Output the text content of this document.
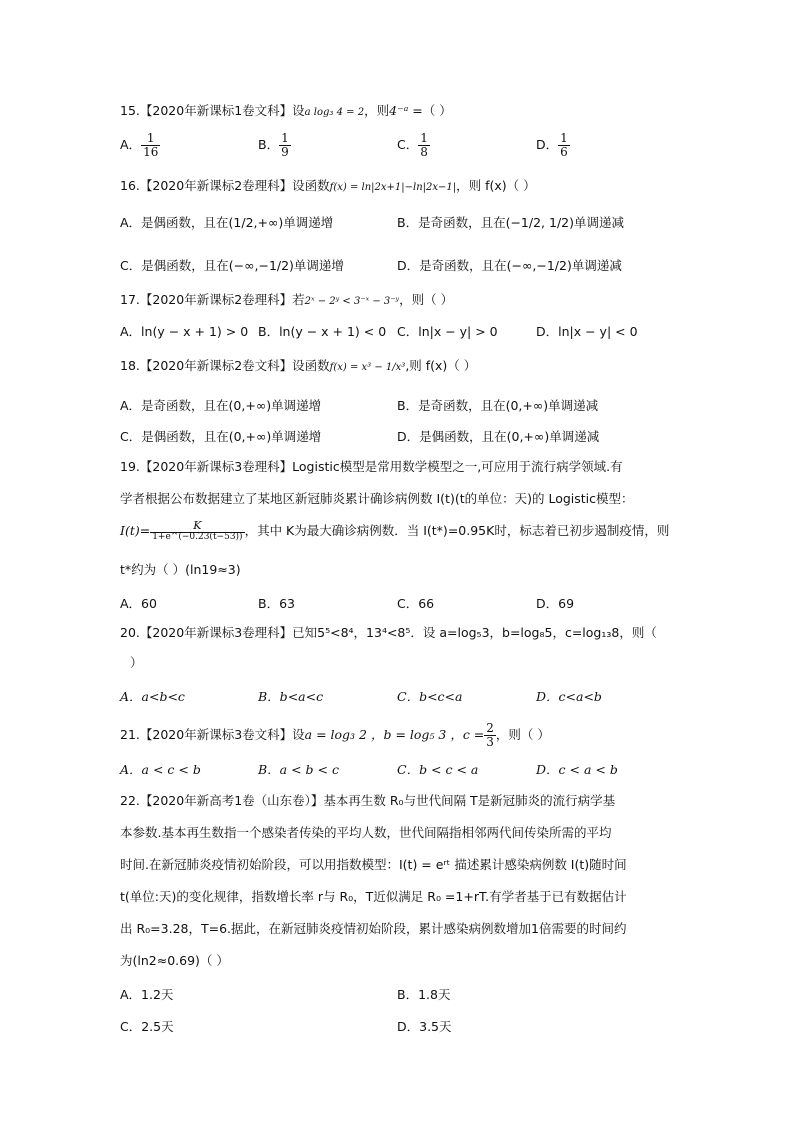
15.【2020年新课标1卷文科】设a log₃ 4 = 2，则4⁻ᵃ =（ ）
A． $\frac{1}{16}$	B． $\frac{1}{9}$	C． $\frac{1}{8}$	D． $\frac{1}{6}$
16.【2020年新课标2卷理科】设函数f(x) = ln|2x+1|−ln|2x−1|，则 f(x)（ ）
A．是偶函数，且在(1/2,+∞)单调递增	B．是奇函数，且在(−1/2, 1/2)单调递减
C．是偶函数，且在(−∞,−1/2)单调递增	D．是奇函数，且在(−∞,−1/2)单调递减
17.【2020年新课标2卷理科】若2ˣ − 2ʸ < 3⁻ˣ − 3⁻ʸ，则（ ）
A．ln(y − x + 1) > 0 B．ln(y − x + 1) < 0 C．ln|x − y| > 0	D．ln|x − y| < 0
18.【2020年新课标2卷文科】设函数f(x) = x³ − 1/x³,则 f(x)（ ）
A．是奇函数，且在(0,+∞)单调递增	B．是奇函数，且在(0,+∞)单调递减
C．是偶函数，且在(0,+∞)单调递增	D．是偶函数，且在(0,+∞)单调递减
19.【2020年新课标3卷理科】Logistic模型是常用数学模型之一,可应用于流行病学领域.有
学者根据公布数据建立了某地区新冠肺炎累计确诊病例数 I(t)(t的单位：天)的 Logistic模型：
$I(t)= \frac{K}{1+e\^{}(-0.23(t-53))}$ ，其中 K为最大确诊病例数．当 I(t*)=0.95K时，标志着已初步遏制疫情，则
t*约为（ ）(ln19≈3)
A．60	B．63	C．66	D．69
20.【2020年新课标3卷理科】已知5⁵<8⁴，13⁴<8⁵．设 a=log₅3，b=log₈5，c=log₁₃8，则（
）
A．a<b<c	B．b<a<c	C．b<c<a	D．c<a<b
21.【2020年新课标3卷文科】设a = log₃ 2 ，b = log₅ 3 ，$c = \frac{2}{3}$ ，则（ ）
A．a < c < b	B．a < b < c	C．b < c < a	D．c < a < b
22.【2020年新高考1卷（山东卷）】基本再生数 R₀与世代间隔 T是新冠肺炎的流行病学基
本参数.基本再生数指一个感染者传染的平均人数，世代间隔指相邻两代间传染所需的平均
时间.在新冠肺炎疫情初始阶段，可以用指数模型：I(t) = eʳᵗ 描述累计感染病例数 I(t)随时间
t(单位:天)的变化规律，指数增长率 r与 R₀，T近似满足 R₀ =1+rT.有学者基于已有数据估计
出 R₀=3.28，T=6.据此，在新冠肺炎疫情初始阶段，累计感染病例数增加1倍需要的时间约
为(ln2≈0.69)（ ）
A．1.2天	B．1.8天
C．2.5天	D．3.5天
